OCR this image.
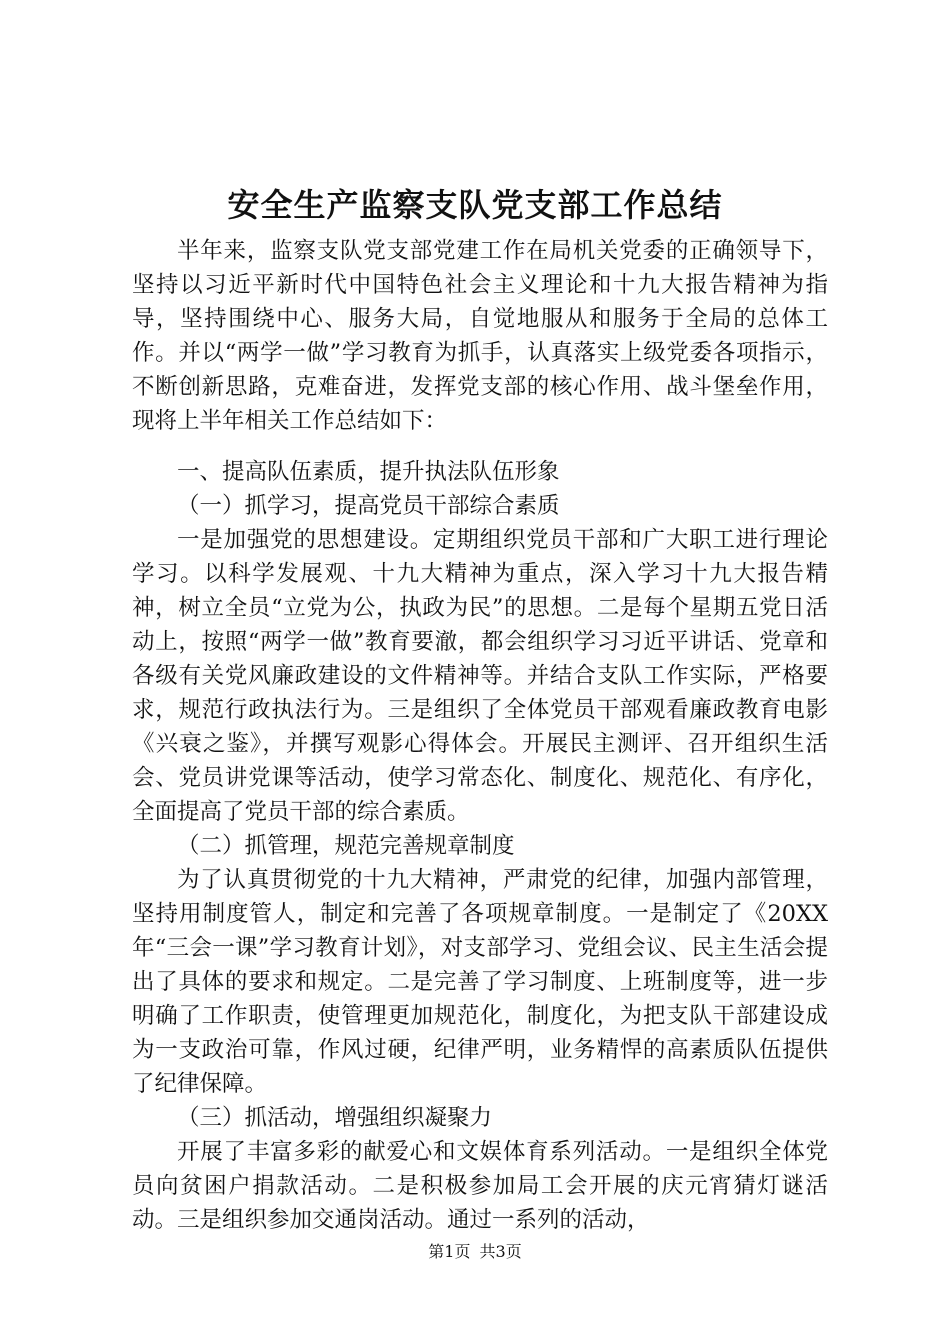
安全生产监察支队党支部工作总结

半年来，监察支队党支部党建工作在局机关党委的正确领导下，坚持以习近平新时代中国特色社会主义理论和十九大报告精神为指导，坚持围绕中心、服务大局，自觉地服从和服务于全局的总体工作。并以“两学一做”学习教育为抓手，认真落实上级党委各项指示，不断创新思路，克难奋进，发挥党支部的核心作用、战斗堡垒作用，现将上半年相关工作总结如下：

一、提高队伍素质，提升执法队伍形象

（一）抓学习，提高党员干部综合素质

一是加强党的思想建设。定期组织党员干部和广大职工进行理论学习。以科学发展观、十九大精神为重点，深入学习十九大报告精神，树立全员“立党为公，执政为民”的思想。二是每个星期五党日活动上，按照“两学一做”教育要澈，都会组织学习习近平讲话、党章和各级有关党风廉政建设的文件精神等。并结合支队工作实际，严格要求，规范行政执法行为。三是组织了全体党员干部观看廉政教育电影《兴衰之鉴》，并撰写观影心得体会。开展民主测评、召开组织生活会、党员讲党课等活动，使学习常态化、制度化、规范化、有序化，全面提高了党员干部的综合素质。

（二）抓管理，规范完善规章制度

为了认真贯彻党的十九大精神，严肃党的纪律，加强内部管理，坚持用制度管人，制定和完善了各项规章制度。一是制定了《20XX年“三会一课”学习教育计划》，对支部学习、党组会议、民主生活会提出了具体的要求和规定。二是完善了学习制度、上班制度等，进一步明确了工作职责，使管理更加规范化，制度化，为把支队干部建设成为一支政治可靠，作风过硬，纪律严明，业务精悍的高素质队伍提供了纪律保障。

（三）抓活动，增强组织凝聚力

开展了丰富多彩的献爱心和文娱体育系列活动。一是组织全体党员向贫困户捐款活动。二是积极参加局工会开展的庆元宵猜灯谜活动。三是组织参加交通岗活动。通过一系列的活动，

第1页 共3页
